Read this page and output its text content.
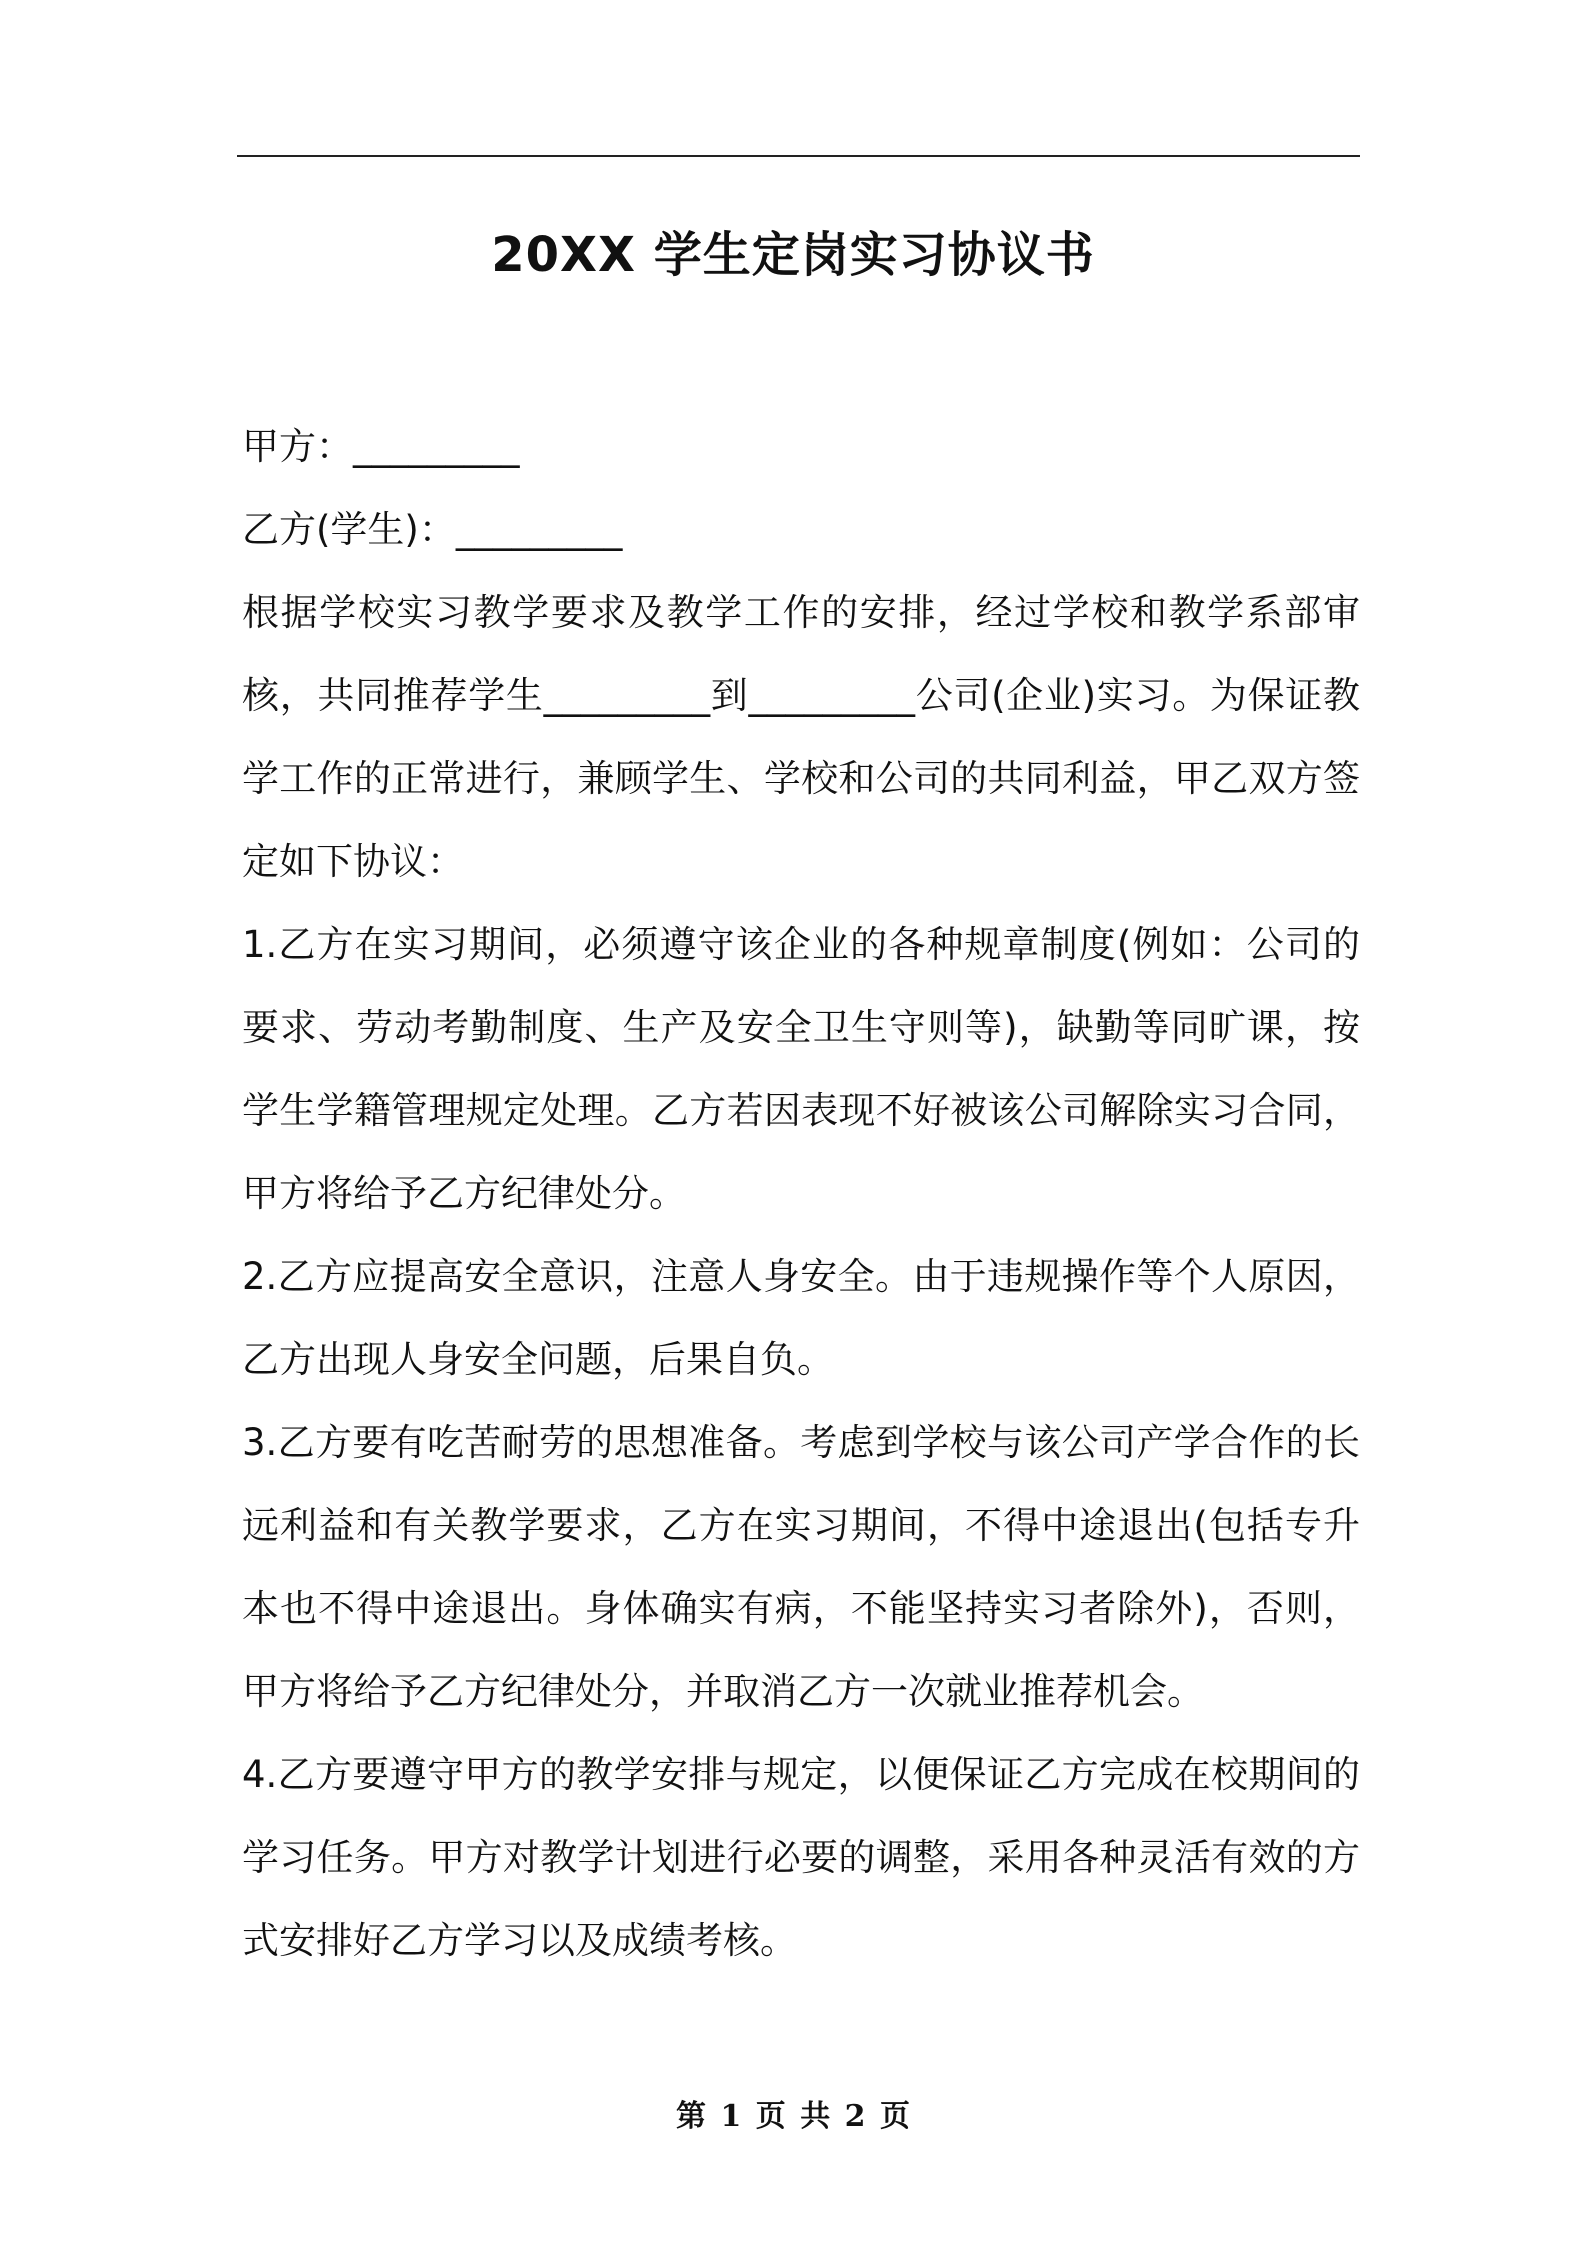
20XX 学生定岗实习协议书

甲方：_________

乙方(学生)：_________

根据学校实习教学要求及教学工作的安排，经过学校和教学系部审核，共同推荐学生_________到_________公司(企业)实习。为保证教学工作的正常进行，兼顾学生、学校和公司的共同利益，甲乙双方签定如下协议：

1.乙方在实习期间，必须遵守该企业的各种规章制度(例如：公司的要求、劳动考勤制度、生产及安全卫生守则等)，缺勤等同旷课，按学生学籍管理规定处理。乙方若因表现不好被该公司解除实习合同，甲方将给予乙方纪律处分。

2.乙方应提高安全意识，注意人身安全。由于违规操作等个人原因，乙方出现人身安全问题，后果自负。

3.乙方要有吃苦耐劳的思想准备。考虑到学校与该公司产学合作的长远利益和有关教学要求，乙方在实习期间，不得中途退出(包括专升本也不得中途退出。身体确实有病，不能坚持实习者除外)，否则，甲方将给予乙方纪律处分，并取消乙方一次就业推荐机会。

4.乙方要遵守甲方的教学安排与规定，以便保证乙方完成在校期间的学习任务。甲方对教学计划进行必要的调整，采用各种灵活有效的方式安排好乙方学习以及成绩考核。

第 1 页 共 2 页
